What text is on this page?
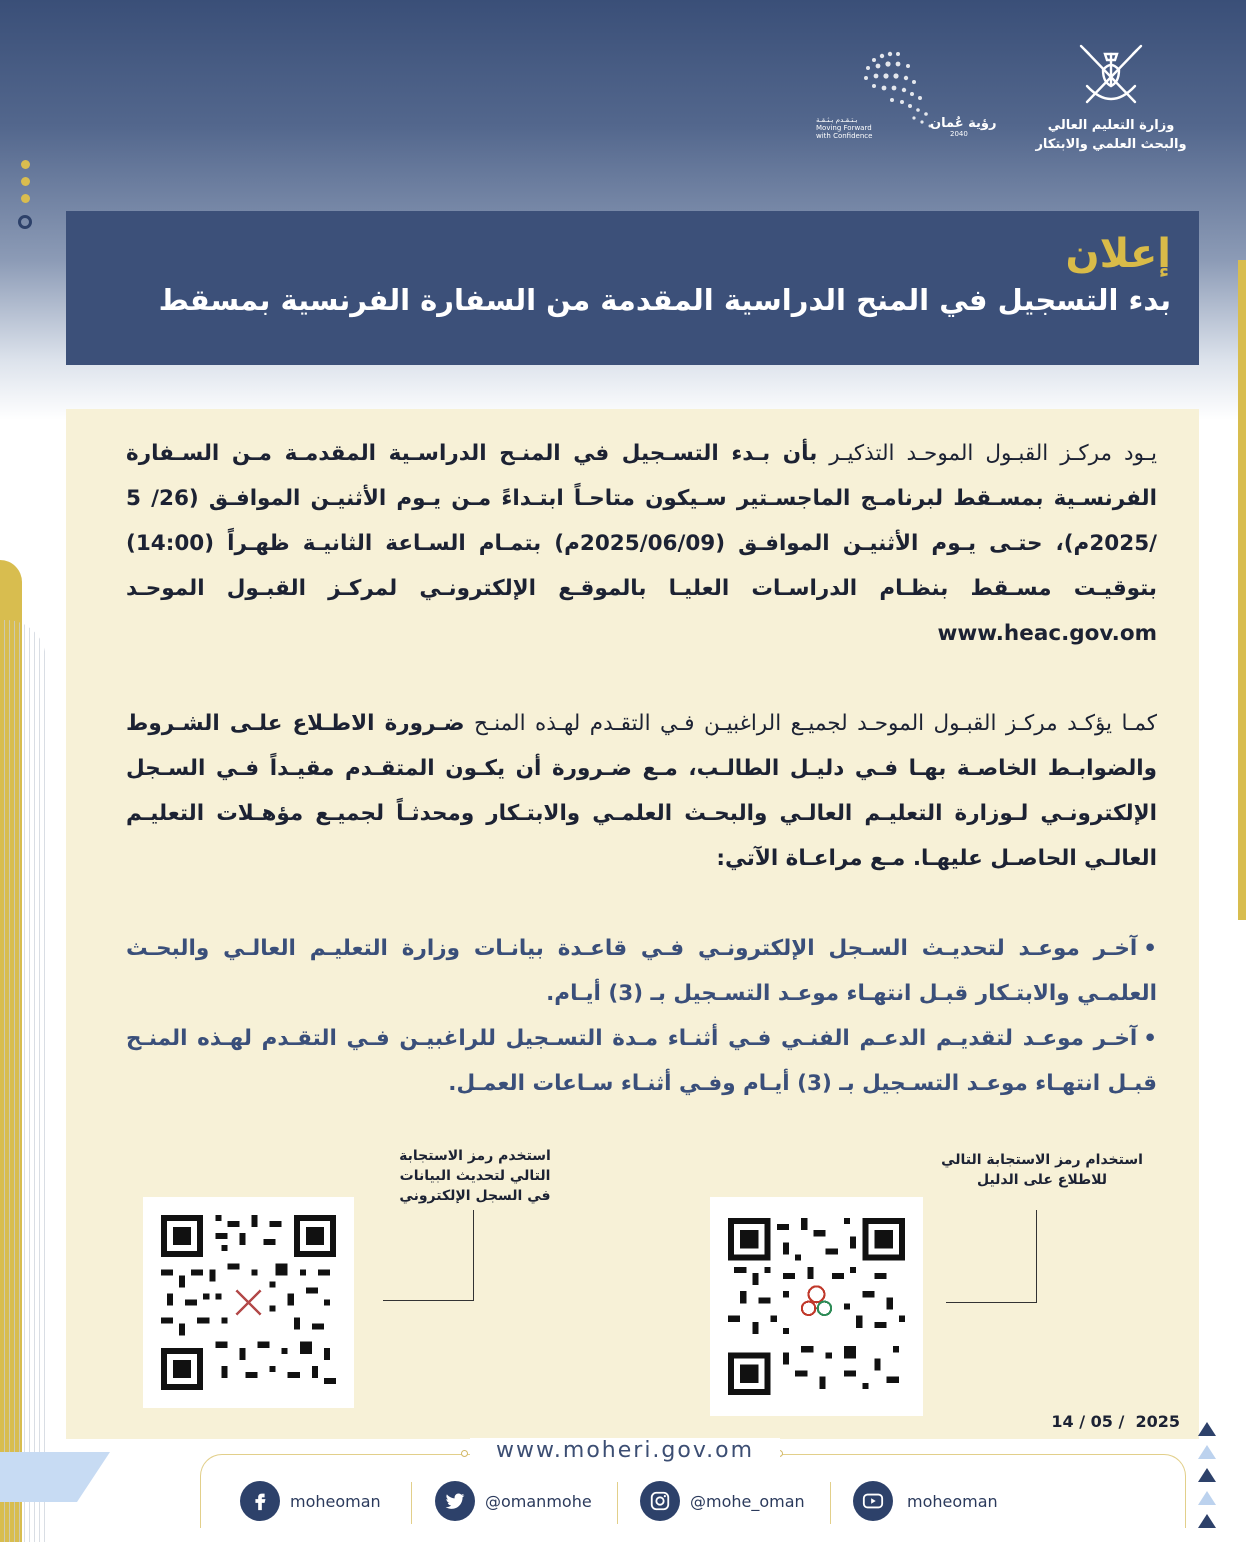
وزارة التعليم العالي
والبحث العلمي والابتكار
رؤية عُمان
2040
بـتـقـدم بـثـقـة
Moving Forward
with Confidence
إعلان
بدء التسجيل في المنح الدراسية المقدمة من السفارة الفرنسية بمسقط

يـود مركـز القبـول الموحـد التذكيـر بأن بـدء التسـجيل في المنـح الدراسـية المقدمـة مـن السـفارة الفرنسـية بمسـقط لبرنامـج الماجسـتير سـيكون متاحـاً ابتـداءً مـن يـوم الأثنيـن الموافـق (26/ 5 /2025م)، حتـى يـوم الأثنيـن الموافـق (2025/06/09م) بتمـام السـاعة الثانيـة ظهـراً (14:00) بتوقيـت مسـقط بنظـام الدراسـات العليـا بالموقـع الإلكترونـي لمركـز القبـول الموحـد www.heac.gov.om

كمـا يؤكـد مركـز القبـول الموحـد لجميـع الراغبيـن فـي التقـدم لهـذه المنـح ضـرورة الاطـلاع علـى الشـروط والضوابـط الخاصـة بهـا فـي دليـل الطالـب، مـع ضـرورة أن يكـون المتقـدم مقيـداً فـي السـجل الإلكترونـي لـوزارة التعليـم العالـي والبحـث العلمـي والابتـكار ومحدثـاً لجميـع مؤهـلات التعليـم العالـي الحاصـل عليهـا. مـع مراعـاة الآتي:

•آخـر موعـد لتحديـث السـجل الإلكترونـي فـي قاعـدة بيانـات وزارة التعليـم العالـي والبحـث العلمـي والابتـكار قبـل انتهـاء موعـد التسـجيل بـ (3) أيـام.
•آخـر موعـد لتقديـم الدعـم الفنـي فـي أثنـاء مـدة التسـجيل للراغبيـن فـي التقـدم لهـذه المنـح قبـل انتهـاء موعـد التسـجيل بـ (3) أيـام وفـي أثنـاء سـاعات العمـل.
استخدم رمز الاستجابة
التالي لتحديث البيانات
في السجل الإلكتروني
استخدام رمز الاستجابة التالي
للاطلاع على الدليل
14 / 05 /  2025
www.moheri.gov.om
moheoman	@omanmohe	@mohe_oman	moheoman
